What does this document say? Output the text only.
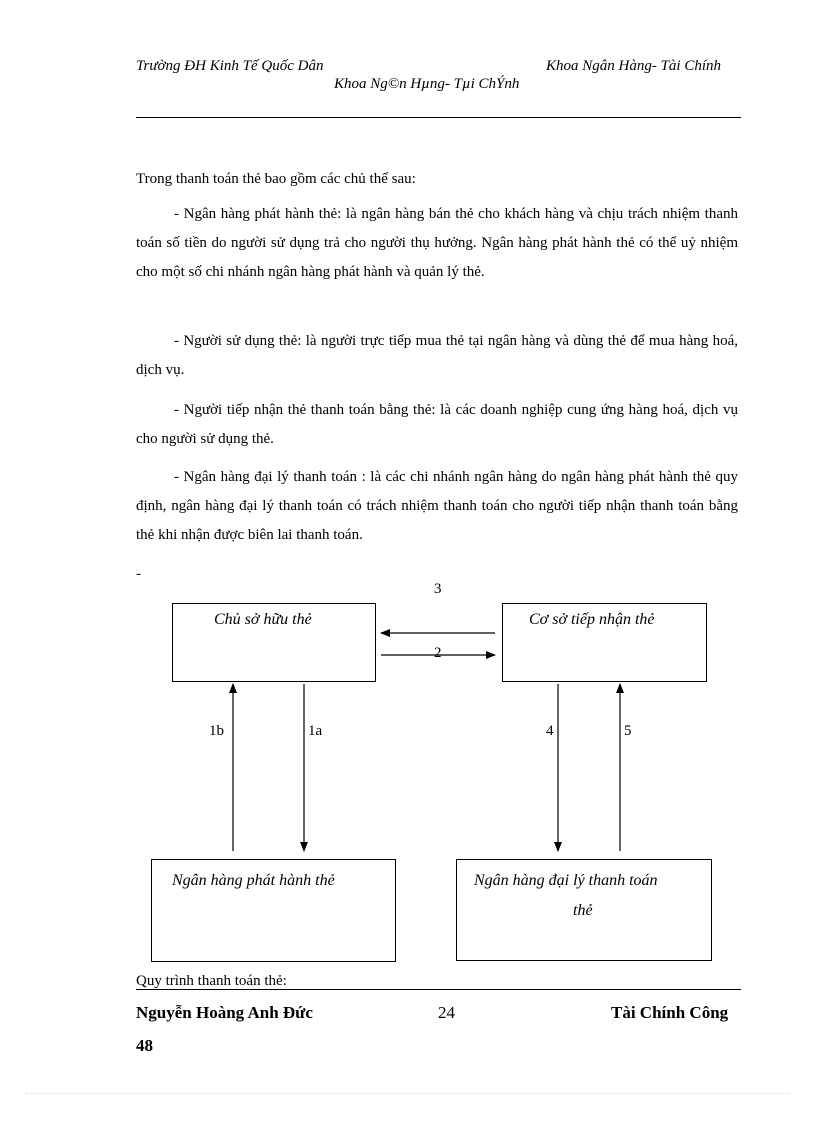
Trường ĐH Kinh Tế Quốc Dân	Khoa Ngân Hàng- Tài Chính
Khoa Ng©n Hµng- Tµi ChÝnh

Trong thanh toán thẻ bao gồm các chủ thể sau:

- Ngân hàng phát hành thẻ: là ngân hàng bán thẻ cho khách hàng và chịu trách nhiệm thanh toán số tiền do người sử dụng trả cho người thụ hưởng. Ngân hàng phát hành thẻ có thể uỷ nhiệm cho một số chi nhánh ngân hàng phát hành và quản lý thẻ.

- Người sử dụng thẻ: là người trực tiếp mua thẻ tại ngân hàng và dùng thẻ để mua hàng hoá, dịch vụ.

- Người tiếp nhận thẻ thanh toán bằng thẻ: là các doanh nghiệp cung ứng hàng hoá, dịch vụ cho người sử dụng thẻ.

- Ngân hàng đại lý thanh toán : là các chi nhánh ngân hàng do ngân hàng phát hành thẻ quy định, ngân hàng đại lý thanh toán có trách nhiệm thanh toán cho người tiếp nhận thanh toán bằng thẻ khi nhận được biên lai thanh toán.

-
Chủ sở hữu thẻ	Cơ sở tiếp nhận thẻ
Ngân hàng phát hành thẻ	Ngân hàng đại lý thanh toán
thẻ
3
2
1b	1a	4	5
Quy trình thanh toán thẻ:
Nguyễn Hoàng Anh Đức	24	Tài Chính Công
48
